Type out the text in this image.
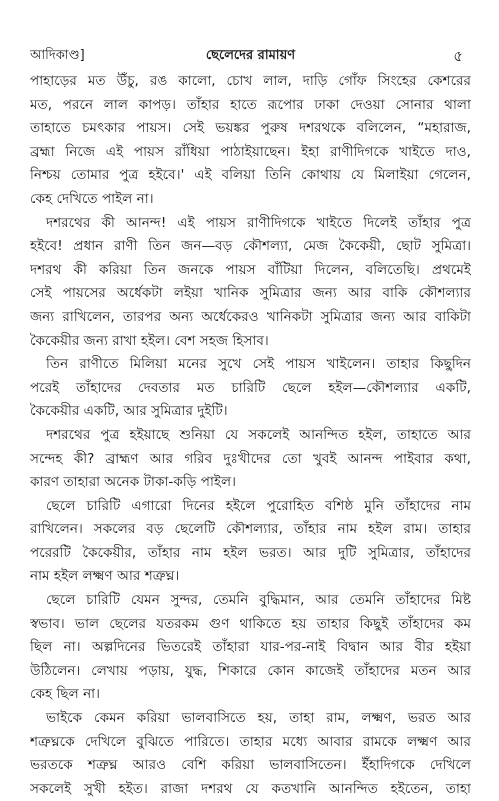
আদিকাণ্ড]	ছেলেদের রামায়ণ	৫
পাহাড়ের মত উঁচু, রঙ কালো, চোখ লাল, দাড়ি গোঁফ সিংহের কেশরের
মত, পরনে লাল কাপড়। তাঁহার হাতে রূপোর ঢাকা দেওয়া সোনার থালা
তাহাতে চমৎকার পায়স। সেই ভয়ঙ্কর পুরুষ দশরথকে বলিলেন, “মহারাজ,
ব্রহ্মা নিজে এই পায়স রাঁধিয়া পাঠাইয়াছেন। ইহা রাণীদিগকে খাইতে দাও,
নিশ্চয় তোমার পুত্র হইবে।' এই বলিয়া তিনি কোথায় যে মিলাইয়া গেলেন,
কেহ দেখিতে পাইল না।
দশরথের কী আনন্দ! এই পায়স রাণীদিগকে খাইতে দিলেই তাঁহার পুত্র
হইবে! প্রধান রাণী তিন জন—বড় কৌশল্যা, মেজ কৈকেয়ী, ছোট সুমিত্রা।
দশরথ কী করিয়া তিন জনকে পায়স বাঁটিয়া দিলেন, বলিতেছি। প্রথমেই
সেই পায়সের অর্ধেকটা লইয়া খানিক সুমিত্রার জন্য আর বাকি কৌশল্যার
জন্য রাখিলেন, তারপর অন্য অর্ধেকেরও খানিকটা সুমিত্রার জন্য আর বাকিটা
কৈকেয়ীর জন্য রাখা হইল। বেশ সহজ হিসাব।
তিন রাণীতে মিলিয়া মনের সুখে সেই পায়স খাইলেন। তাহার কিছুদিন
পরেই তাঁহাদের দেবতার মত চারিটি ছেলে হইল—কৌশল্যার একটি,
কৈকেয়ীর একটি, আর সুমিত্রার দুইটি।
দশরথের পুত্র হইয়াছে শুনিয়া যে সকলেই আনন্দিত হইল, তাহাতে আর
সন্দেহ কী? ব্রাহ্মণ আর গরিব দুঃখীদের তো খুবই আনন্দ পাইবার কথা,
কারণ তাহারা অনেক টাকা-কড়ি পাইল।
ছেলে চারিটি এগারো দিনের হইলে পুরোহিত বশিষ্ঠ মুনি তাঁহাদের নাম
রাখিলেন। সকলের বড় ছেলেটি কৌশল্যার, তাঁহার নাম হইল রাম। তাহার
পরেরটি কৈকেয়ীর, তাঁহার নাম হইল ভরত। আর দুটি সুমিত্রার, তাঁহাদের
নাম হইল লক্ষ্মণ আর শত্রুঘ্ন।
ছেলে চারিটি যেমন সুন্দর, তেমনি বুদ্ধিমান, আর তেমনি তাঁহাদের মিষ্ট
স্বভাব। ভাল ছেলের যতরকম গুণ থাকিতে হয় তাহার কিছুই তাঁহাদের কম
ছিল না। অল্পদিনের ভিতরেই তাঁহারা যার-পর-নাই বিদ্বান আর বীর হইয়া
উঠিলেন। লেখায় পড়ায়, যুদ্ধ, শিকারে কোন কাজেই তাঁহাদের মতন আর
কেহ ছিল না।
ভাইকে কেমন করিয়া ভালবাসিতে হয়, তাহা রাম, লক্ষ্মণ, ভরত আর
শত্রুঘ্নকে দেখিলে বুঝিতে পারিতে। তাহার মধ্যে আবার রামকে লক্ষ্মণ আর
ভরতকে শত্রুঘ্ন আরও বেশি করিয়া ভালবাসিতেন। ইঁহাদিগকে দেখিলে
সকলেই সুখী হইত। রাজা দশরথ যে কতখানি আনন্দিত হইতেন, তাহা
